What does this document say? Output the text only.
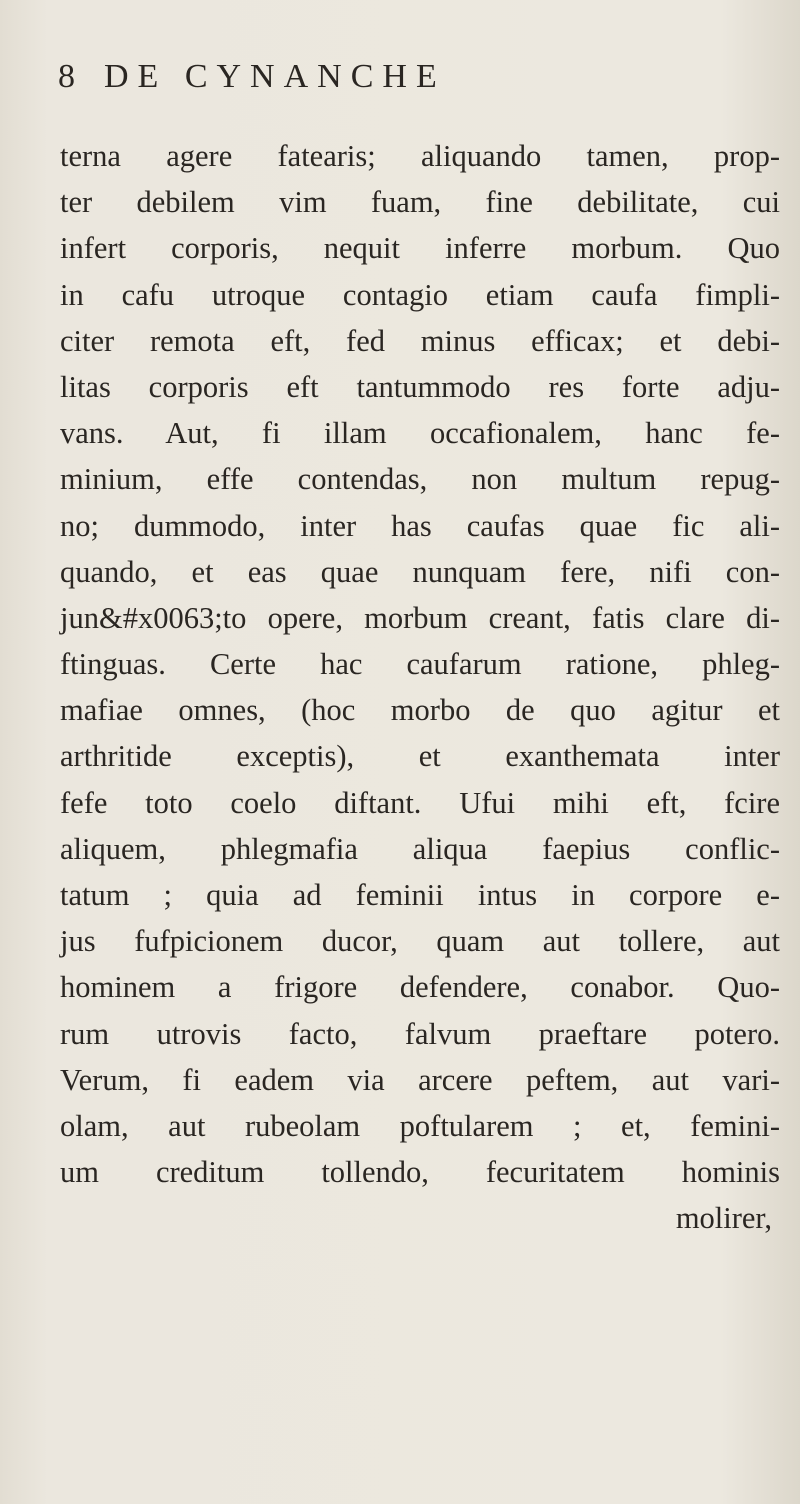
8 DE CYNANCHE
terna agere fatearis; aliquando tamen, prop-
ter debilem vim fuam, fine debilitate, cui
infert corporis, nequit inferre morbum. Quo
in cafu utroque contagio etiam caufa fimpli-
citer remota eft, fed minus efficax; et debi-
litas corporis eft tantummodo res forte adju-
vans. Aut, fi illam occafionalem, hanc fe-
minium, effe contendas, non multum repug-
no; dummodo, inter has caufas quae fic ali-
quando, et eas quae nunquam fere, nifi con-
jun&#x0063;to opere, morbum creant, fatis clare di-
ftinguas. Certe hac caufarum ratione, phleg-
mafiae omnes, (hoc morbo de quo agitur et
arthritide exceptis), et exanthemata inter
fefe toto coelo diftant. Ufui mihi eft, fcire
aliquem, phlegmafia aliqua faepius conflic-
tatum ; quia ad feminii intus in corpore e-
jus fufpicionem ducor, quam aut tollere, aut
hominem a frigore defendere, conabor. Quo-
rum utrovis facto, falvum praeftare potero.
Verum, fi eadem via arcere peftem, aut vari-
olam, aut rubeolam poftularem ; et, femini-
um creditum tollendo, fecuritatem hominis
molirer,
